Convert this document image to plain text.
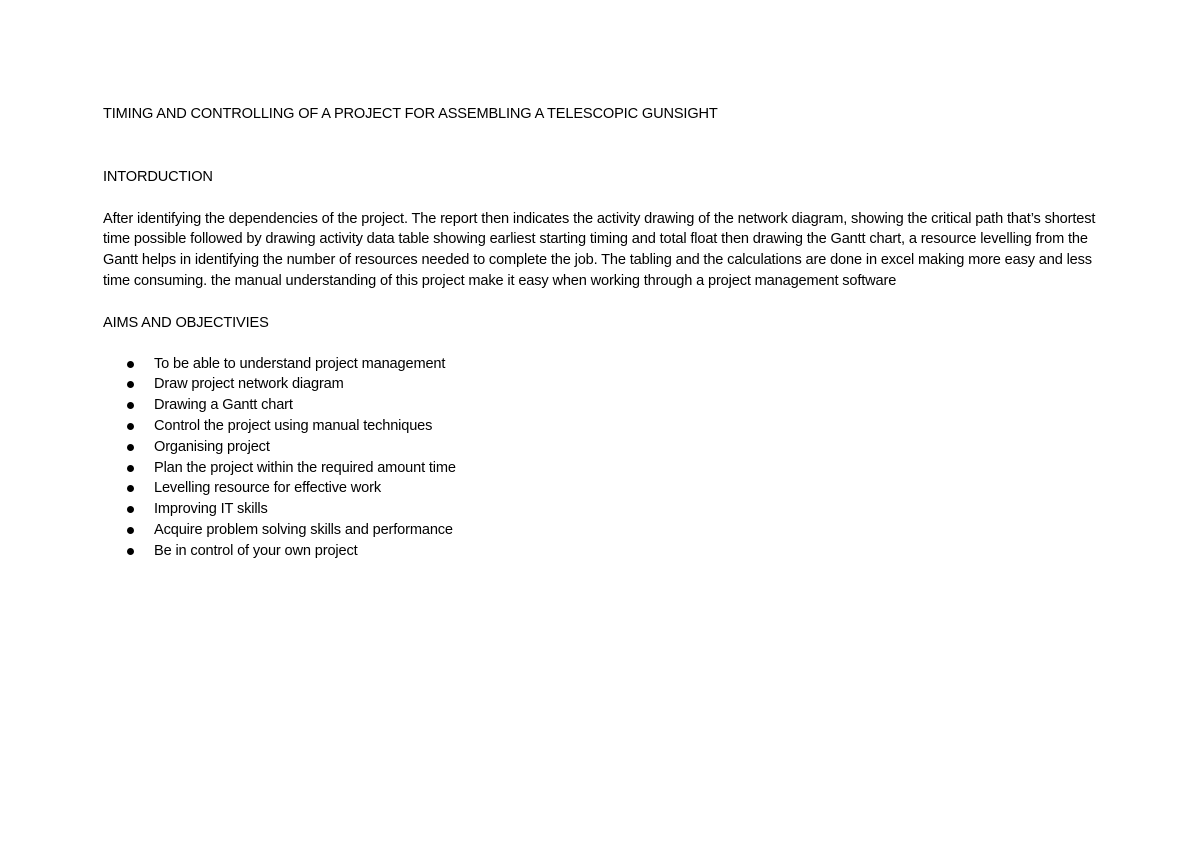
TIMING AND CONTROLLING OF A PROJECT FOR ASSEMBLING A TELESCOPIC GUNSIGHT
INTORDUCTION

After identifying the dependencies of the project. The report then indicates the activity drawing of the network diagram, showing the critical path that’s shortest time possible followed by drawing activity data table showing earliest starting timing and total float then drawing the Gantt chart, a resource levelling from the Gantt helps in identifying the number of resources needed to complete the job. The tabling and the calculations are done in excel making more easy and less time consuming. the manual understanding of this project make it easy when working through a project management software

AIMS AND OBJECTIVIES
To be able to understand project management
Draw project network diagram
Drawing a Gantt chart
Control the project using manual techniques
Organising project
Plan the project within the required amount time
Levelling resource for effective work
Improving IT skills
Acquire problem solving skills and performance
Be in control of your own project
